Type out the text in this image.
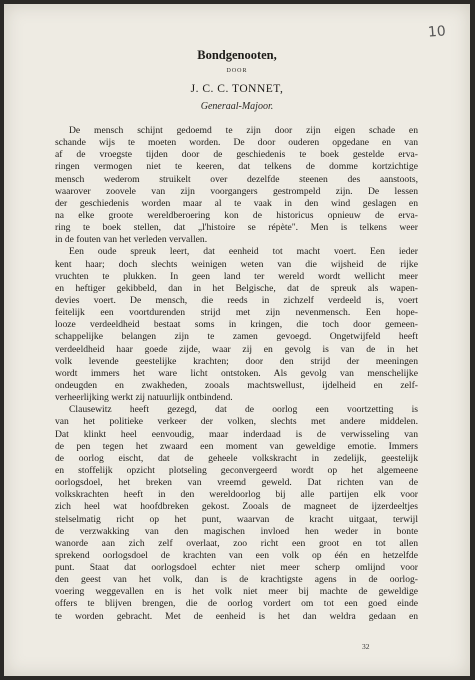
10
Bondgenooten,
DOOR
J. C. C. TONNET,
Generaal-Majoor.
De mensch schijnt gedoemd te zijn door zijn eigen schade en
schande wijs te moeten worden. De door ouderen opgedane en van
af de vroegste tijden door de geschiedenis te boek gestelde erva-
ringen vermogen niet te keeren, dat telkens de domme kortzichtige
mensch wederom struikelt over dezelfde steenen des aanstoots,
waarover zoovele van zijn voorgangers gestrompeld zijn. De lessen
der geschiedenis worden maar al te vaak in den wind geslagen en
na elke groote wereldberoering kon de historicus opnieuw de erva-
ring te boek stellen, dat „l'histoire se répète". Men is telkens weer
in de fouten van het verleden vervallen.
Een oude spreuk leert, dat eenheid tot macht voert. Een ieder
kent haar; doch slechts weinigen weten van die wijsheid de rijke
vruchten te plukken. In geen land ter wereld wordt wellicht meer
en heftiger gekibbeld, dan in het Belgische, dat de spreuk als wapen-
devies voert. De mensch, die reeds in zichzelf verdeeld is, voert
feitelijk een voortdurenden strijd met zijn nevenmensch. Een hope-
looze verdeeldheid bestaat soms in kringen, die toch door gemeen-
schappelijke belangen zijn te zamen gevoegd. Ongetwijfeld heeft
verdeeldheid haar goede zijde, waar zij en gevolg is van de in het
volk levende geestelijke krachten; door den strijd der meeningen
wordt immers het ware licht ontstoken. Als gevolg van menschelijke
ondeugden en zwakheden, zooals machtswellust, ijdelheid en zelf-
verheerlijking werkt zij natuurlijk ontbindend.
Clausewitz heeft gezegd, dat de oorlog een voortzetting is
van het politieke verkeer der volken, slechts met andere middelen.
Dat klinkt heel eenvoudig, maar inderdaad is de verwisseling van
de pen tegen het zwaard een moment van geweldige emotie. Immers
de oorlog eischt, dat de geheele volkskracht in zedelijk, geestelijk
en stoffelijk opzicht plotseling geconvergeerd wordt op het algemeene
oorlogsdoel, het breken van vreemd geweld. Dat richten van de
volkskrachten heeft in den wereldoorlog bij alle partijen elk voor
zich heel wat hoofdbreken gekost. Zooals de magneet de ijzerdeeltjes
stelselmatig richt op het punt, waarvan de kracht uitgaat, terwijl
de verzwakking van den magischen invloed hen weder in bonte
wanorde aan zich zelf overlaat, zoo richt een groot en tot allen
sprekend oorlogsdoel de krachten van een volk op één en hetzelfde
punt. Staat dat oorlogsdoel echter niet meer scherp omlijnd voor
den geest van het volk, dan is de krachtigste agens in de oorlog-
voering weggevallen en is het volk niet meer bij machte de geweldige
offers te blijven brengen, die de oorlog vordert om tot een goed einde
te worden gebracht. Met de eenheid is het dan weldra gedaan en
32
